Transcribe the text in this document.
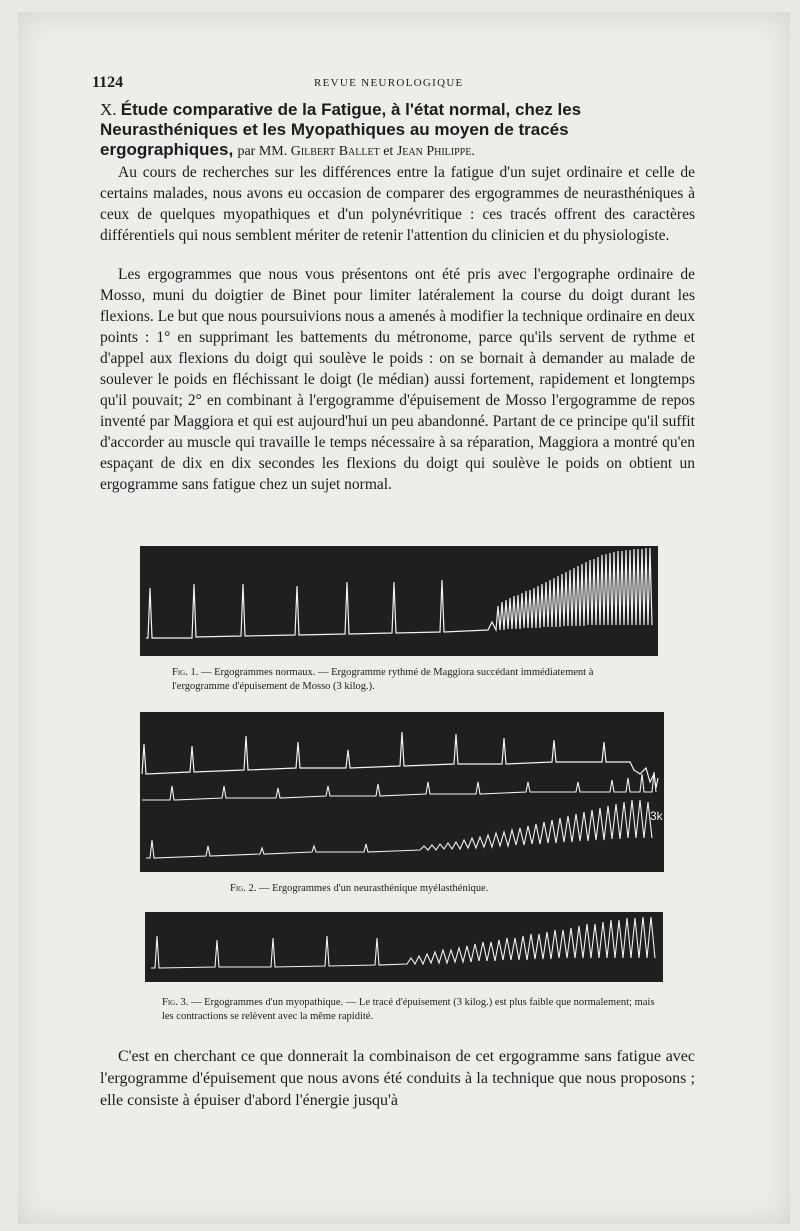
1124	REVUE NEUROLOGIQUE
X. Étude comparative de la Fatigue, à l'état normal, chez les Neurasthéniques et les Myopathiques au moyen de tracés ergographiques, par MM. Gilbert Ballet et Jean Philippe.

Au cours de recherches sur les différences entre la fatigue d'un sujet ordinaire et celle de certains malades, nous avons eu occasion de comparer des ergogrammes de neurasthéniques à ceux de quelques myopathiques et d'un polynévritique : ces tracés offrent des caractères différentiels qui nous semblent mériter de retenir l'attention du clinicien et du physiologiste.

Les ergogrammes que nous vous présentons ont été pris avec l'ergographe ordinaire de Mosso, muni du doigtier de Binet pour limiter latéralement la course du doigt durant les flexions. Le but que nous poursuivions nous a amenés à modifier la technique ordinaire en deux points : 1° en supprimant les battements du métronome, parce qu'ils servent de rythme et d'appel aux flexions du doigt qui soulève le poids : on se bornait à demander au malade de soulever le poids en fléchissant le doigt (le médian) aussi fortement, rapidement et longtemps qu'il pouvait; 2° en combinant à l'ergogramme d'épuisement de Mosso l'ergogramme de repos inventé par Maggiora et qui est aujourd'hui un peu abandonné. Partant de ce principe qu'il suffit d'accorder au muscle qui travaille le temps nécessaire à sa réparation, Maggiora a montré qu'en espaçant de dix en dix secondes les flexions du doigt qui soulève le poids on obtient un ergogramme sans fatigue chez un sujet normal.

Fig. 1. — Ergogrammes normaux. — Ergogramme rythmé de Maggiora succédant immédiatement à l'ergogramme d'épuisement de Mosso (3 kilog.).
3k
Fig. 2. — Ergogrammes d'un neurasthénique myélasthénique.
Fig. 3. — Ergogrammes d'un myopathique. — Le tracé d'épuisement (3 kilog.) est plus faible que normalement; mais les contractions se relèvent avec la même rapidité.

C'est en cherchant ce que donnerait la combinaison de cet ergogramme sans fatigue avec l'ergogramme d'épuisement que nous avons été conduits à la technique que nous proposons ; elle consiste à épuiser d'abord l'énergie jusqu'à
